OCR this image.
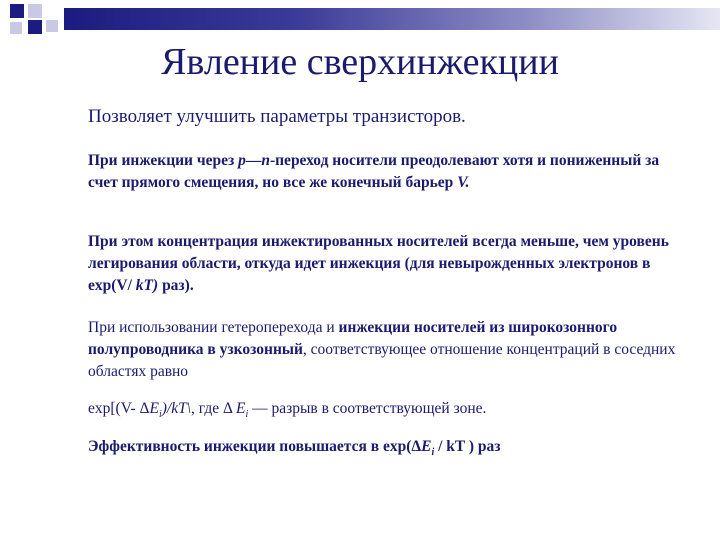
Явление сверхинжекции
Позволяет улучшить параметры транзисторов.
При инжекции через p—n-переход носители преодолевают хотя и пониженный за счет прямого смещения, но все же конечный барьер V.
При этом концентрация инжектированных носителей всегда меньше, чем уровень легирования области, откуда идет инжекция (для невырожденных электронов в exp(V/ kT) раз).
При использовании гетероперехода и инжекции носителей из широкозонного полупроводника в узкозонный, соответствующее отношение концентраций в соседних областях равно
exp[(V- $\Delta E_i)/kT\backslash$, где Δ $E_i$ — разрыв в соответствующей зоне.
Эффективность инжекции повышается в $\exp(\Delta E_i$ / kT ) раз
